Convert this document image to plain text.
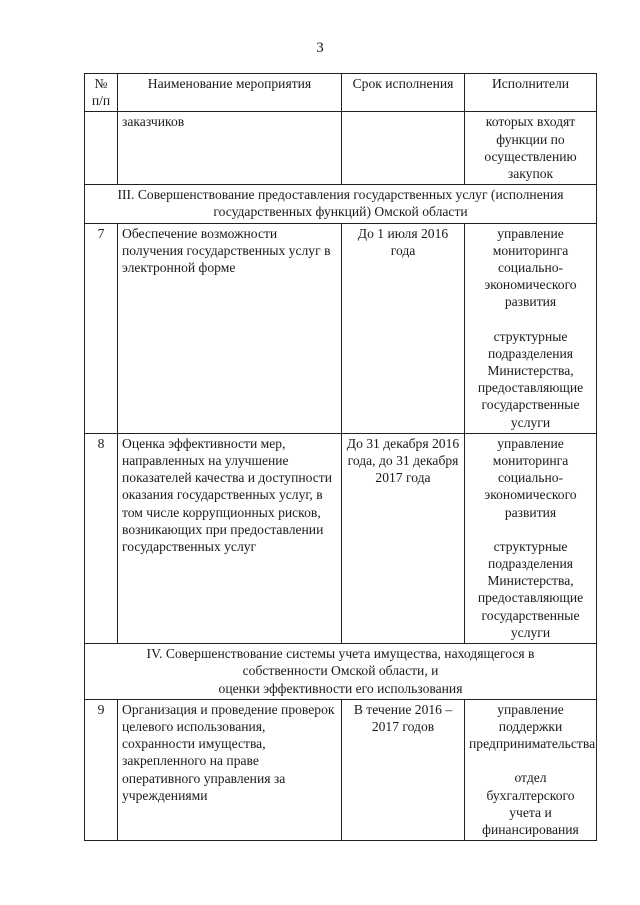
3
№ п/п	Наименование мероприятия	Срок исполнения	Исполнители
	заказчиков		которых входят функции по осуществлению закупок
III. Совершенствование предоставления государственных услуг (исполнения государственных функций) Омской области			
7	Обеспечение возможности получения государственных услуг в электронной форме	До 1 июля 2016 года	управление мониторинга социально-экономического развития
структурные подразделения Министерства, предоставляющие государственные услуги

8	Оценка эффективности мер, направленных на улучшение показателей качества и доступности оказания государственных услуг, в том числе коррупционных рисков, возникающих при предоставлении государственных услуг	До 31 декабря 2016 года, до 31 декабря 2017 года	управление мониторинга социально-экономического развития
структурные подразделения Министерства, предоставляющие государственные услуги

IV. Совершенствование системы учета имущества, находящегося в
собственности Омской области, и
оценки эффективности его использования			

9	Организация и проведение проверок целевого использования, сохранности имущества, закрепленного на праве оперативного управления за учреждениями	В течение 2016 – 2017 годов	управление поддержки предпринимательства
отдел бухгалтерского учета и финансирования
